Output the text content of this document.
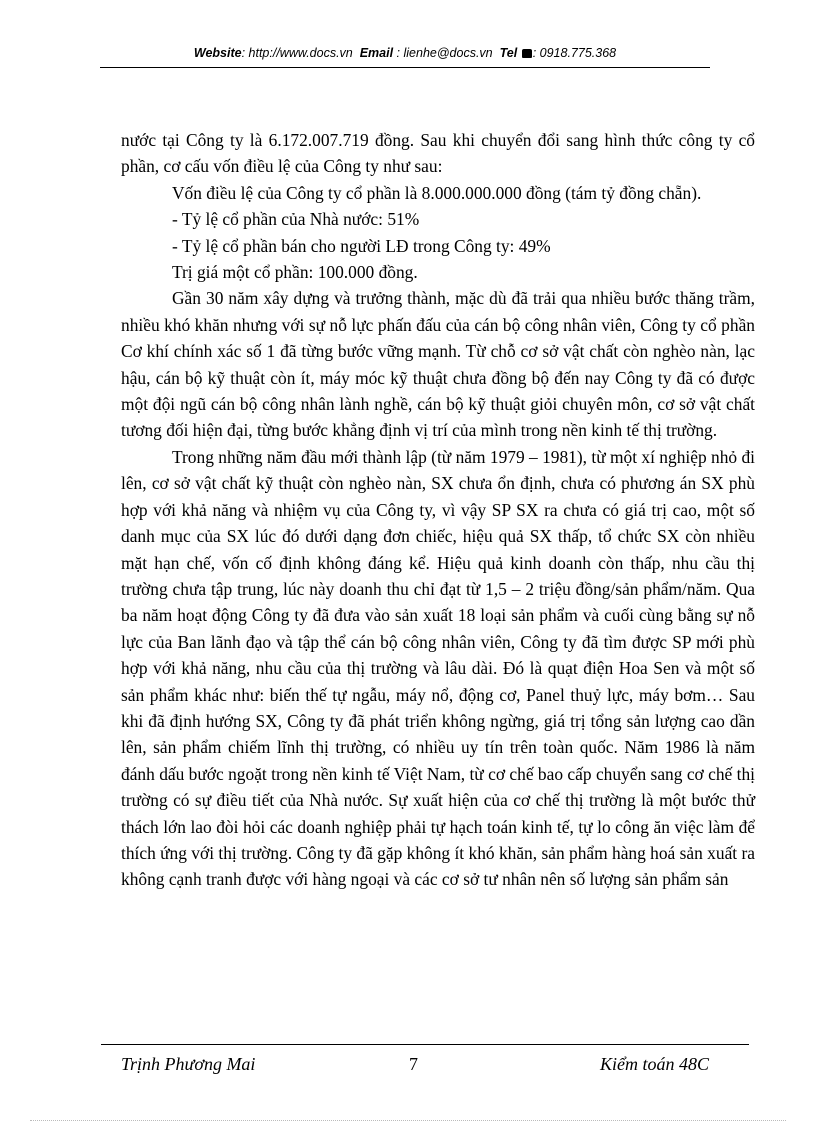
Website: http://www.docs.vn Email : lienhe@docs.vn Tel : 0918.775.368

nước tại Công ty là 6.172.007.719 đồng. Sau khi chuyển đổi sang hình thức công ty cổ phần, cơ cấu vốn điều lệ của Công ty như sau:

Vốn điều lệ của Công ty cổ phần là 8.000.000.000 đồng (tám tỷ đồng chẵn).

- Tỷ lệ cổ phần của Nhà nước: 51%

- Tỷ lệ cổ phần bán cho người LĐ trong Công ty: 49%

Trị giá một cổ phần: 100.000 đồng.

Gần 30 năm xây dựng và trưởng thành, mặc dù đã trải qua nhiều bước thăng trầm, nhiều khó khăn nhưng với sự nỗ lực phấn đấu của cán bộ công nhân viên, Công ty cổ phần Cơ khí chính xác số 1 đã từng bước vững mạnh. Từ chỗ cơ sở vật chất còn nghèo nàn, lạc hậu, cán bộ kỹ thuật còn ít, máy móc kỹ thuật chưa đồng bộ đến nay Công ty đã có được một đội ngũ cán bộ công nhân lành nghề, cán bộ kỹ thuật giỏi chuyên môn, cơ sở vật chất tương đối hiện đại, từng bước khẳng định vị trí của mình trong nền kinh tế thị trường.

Trong những năm đầu mới thành lập (từ năm 1979 – 1981), từ một xí nghiệp nhỏ đi lên, cơ sở vật chất kỹ thuật còn nghèo nàn, SX chưa ổn định, chưa có phương án SX phù hợp với khả năng và nhiệm vụ của Công ty, vì vậy SP SX ra chưa có giá trị cao, một số danh mục của SX lúc đó dưới dạng đơn chiếc, hiệu quả SX thấp, tổ chức SX còn nhiều mặt hạn chế, vốn cố định không đáng kể. Hiệu quả kinh doanh còn thấp, nhu cầu thị trường chưa tập trung, lúc này doanh thu chỉ đạt từ 1,5 – 2 triệu đồng/sản phẩm/năm. Qua ba năm hoạt động Công ty đã đưa vào sản xuất 18 loại sản phẩm và cuối cùng bằng sự nỗ lực của Ban lãnh đạo và tập thể cán bộ công nhân viên, Công ty đã tìm được SP mới phù hợp với khả năng, nhu cầu của thị trường và lâu dài. Đó là quạt điện Hoa Sen và một số sản phẩm khác như: biến thế tự ngẫu, máy nổ, động cơ, Panel thuỷ lực, máy bơm… Sau khi đã định hướng SX, Công ty đã phát triển không ngừng, giá trị tổng sản lượng cao dần lên, sản phẩm chiếm lĩnh thị trường, có nhiều uy tín trên toàn quốc. Năm 1986 là năm đánh dấu bước ngoặt trong nền kinh tế Việt Nam, từ cơ chế bao cấp chuyển sang cơ chế thị trường có sự điều tiết của Nhà nước. Sự xuất hiện của cơ chế thị trường là một bước thử thách lớn lao đòi hỏi các doanh nghiệp phải tự hạch toán kinh tế, tự lo công ăn việc làm để thích ứng với thị trường. Công ty đã gặp không ít khó khăn, sản phẩm hàng hoá sản xuất ra không cạnh tranh được với hàng ngoại và các cơ sở tư nhân nên số lượng sản phẩm sản

Trịnh Phương Mai	7	Kiểm toán 48C
